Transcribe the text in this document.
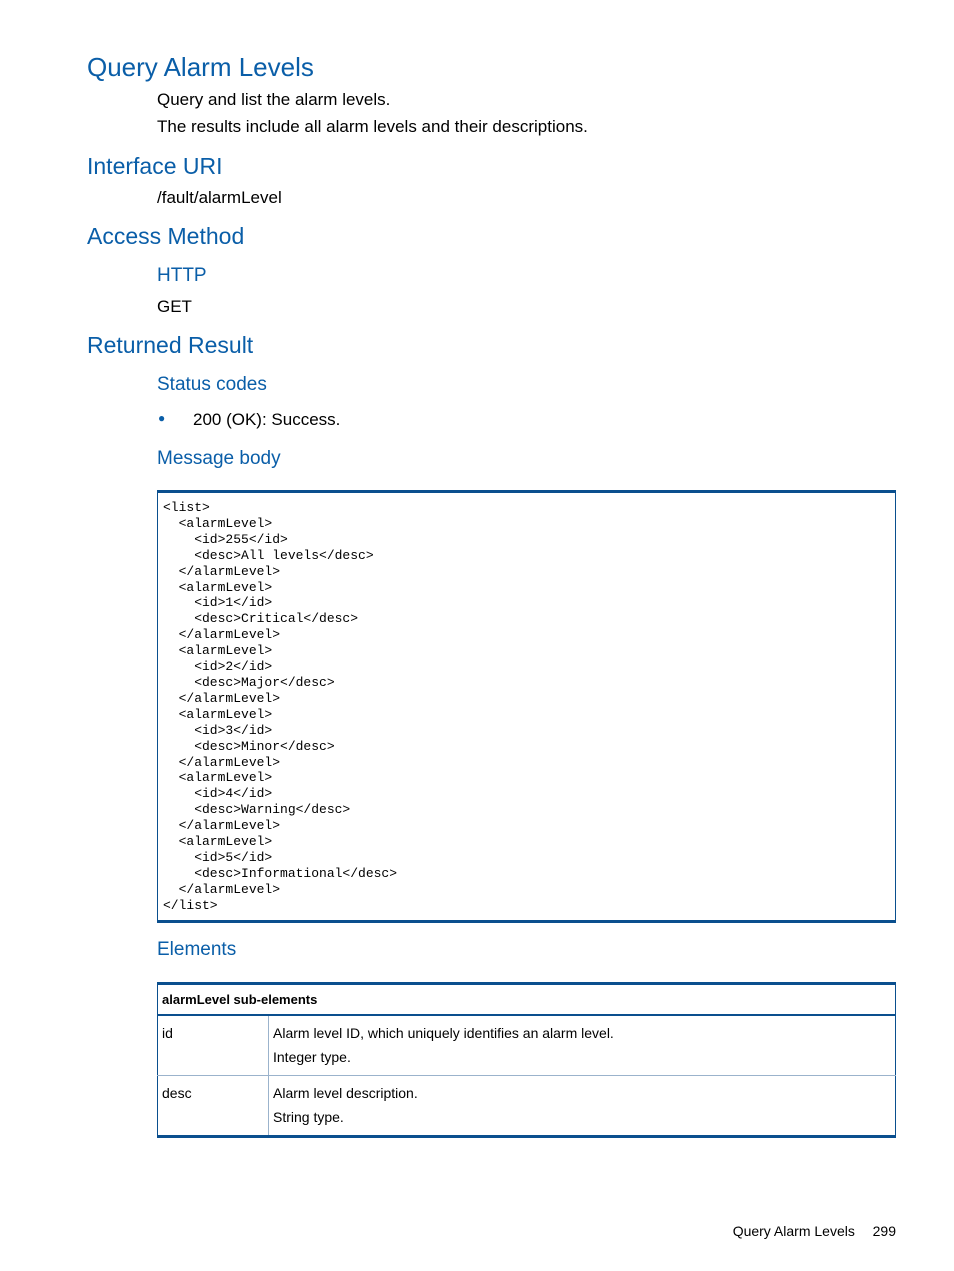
Query Alarm Levels

Query and list the alarm levels.

The results include all alarm levels and their descriptions.

Interface URI

/fault/alarmLevel

Access Method
HTTP

GET

Returned Result
Status codes
● 200 (OK): Success.
Message body
<list>
<alarmLevel>
<id>255</id>
<desc>All levels</desc>
</alarmLevel>
<alarmLevel>
<id>1</id>
<desc>Critical</desc>
</alarmLevel>
<alarmLevel>
<id>2</id>
<desc>Major</desc>
</alarmLevel>
<alarmLevel>
<id>3</id>
<desc>Minor</desc>
</alarmLevel>
<alarmLevel>
<id>4</id>
<desc>Warning</desc>
</alarmLevel>
<alarmLevel>
<id>5</id>
<desc>Informational</desc>
</alarmLevel>
</list>
Elements
alarmLevel sub-elements	
id	Alarm level ID, which uniquely identifies an alarm level.
Integer type.

desc	Alarm level description.
String type.
Query Alarm Levels 299
